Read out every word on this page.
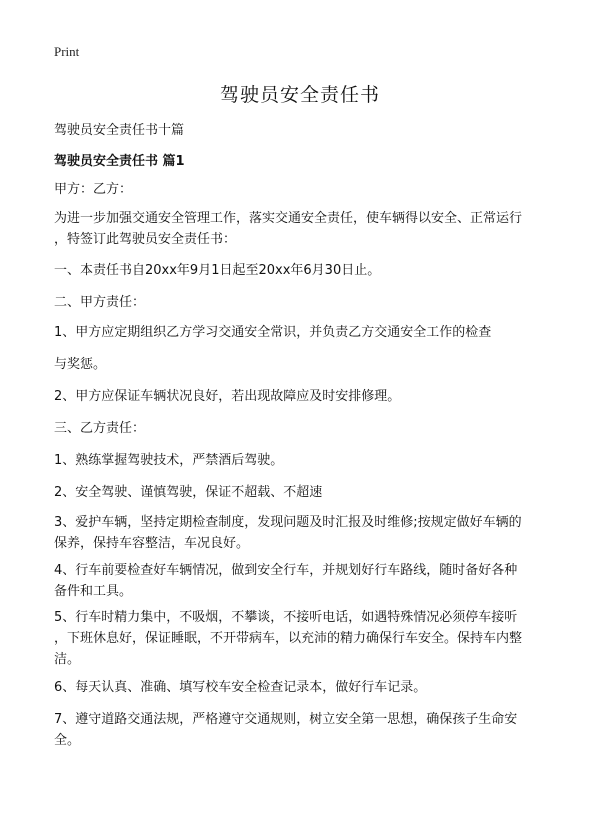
Print
驾驶员安全责任书

驾驶员安全责任书十篇

驾驶员安全责任书 篇1

甲方：乙方：

为进一步加强交通安全管理工作，落实交通安全责任，使车辆得以安全、正常运行
，特签订此驾驶员安全责任书：

一、本责任书自20xx年9月1日起至20xx年6月30日止。

二、甲方责任：

1、甲方应定期组织乙方学习交通安全常识，并负责乙方交通安全工作的检查

与奖惩。

2、甲方应保证车辆状况良好，若出现故障应及时安排修理。

三、乙方责任：

1、熟练掌握驾驶技术，严禁酒后驾驶。

2、安全驾驶、谨慎驾驶，保证不超载、不超速

3、爱护车辆，坚持定期检查制度，发现问题及时汇报及时维修;按规定做好车辆的
保养，保持车容整洁，车况良好。

4、行车前要检查好车辆情况，做到安全行车，并规划好行车路线，随时备好各种
备件和工具。

5、行车时精力集中，不吸烟，不攀谈，不接听电话，如遇特殊情况必须停车接听
，下班休息好，保证睡眠，不开带病车，以充沛的精力确保行车安全。保持车内整
洁。

6、每天认真、准确、填写校车安全检查记录本，做好行车记录。

7、遵守道路交通法规，严格遵守交通规则，树立安全第一思想，确保孩子生命安
全。
